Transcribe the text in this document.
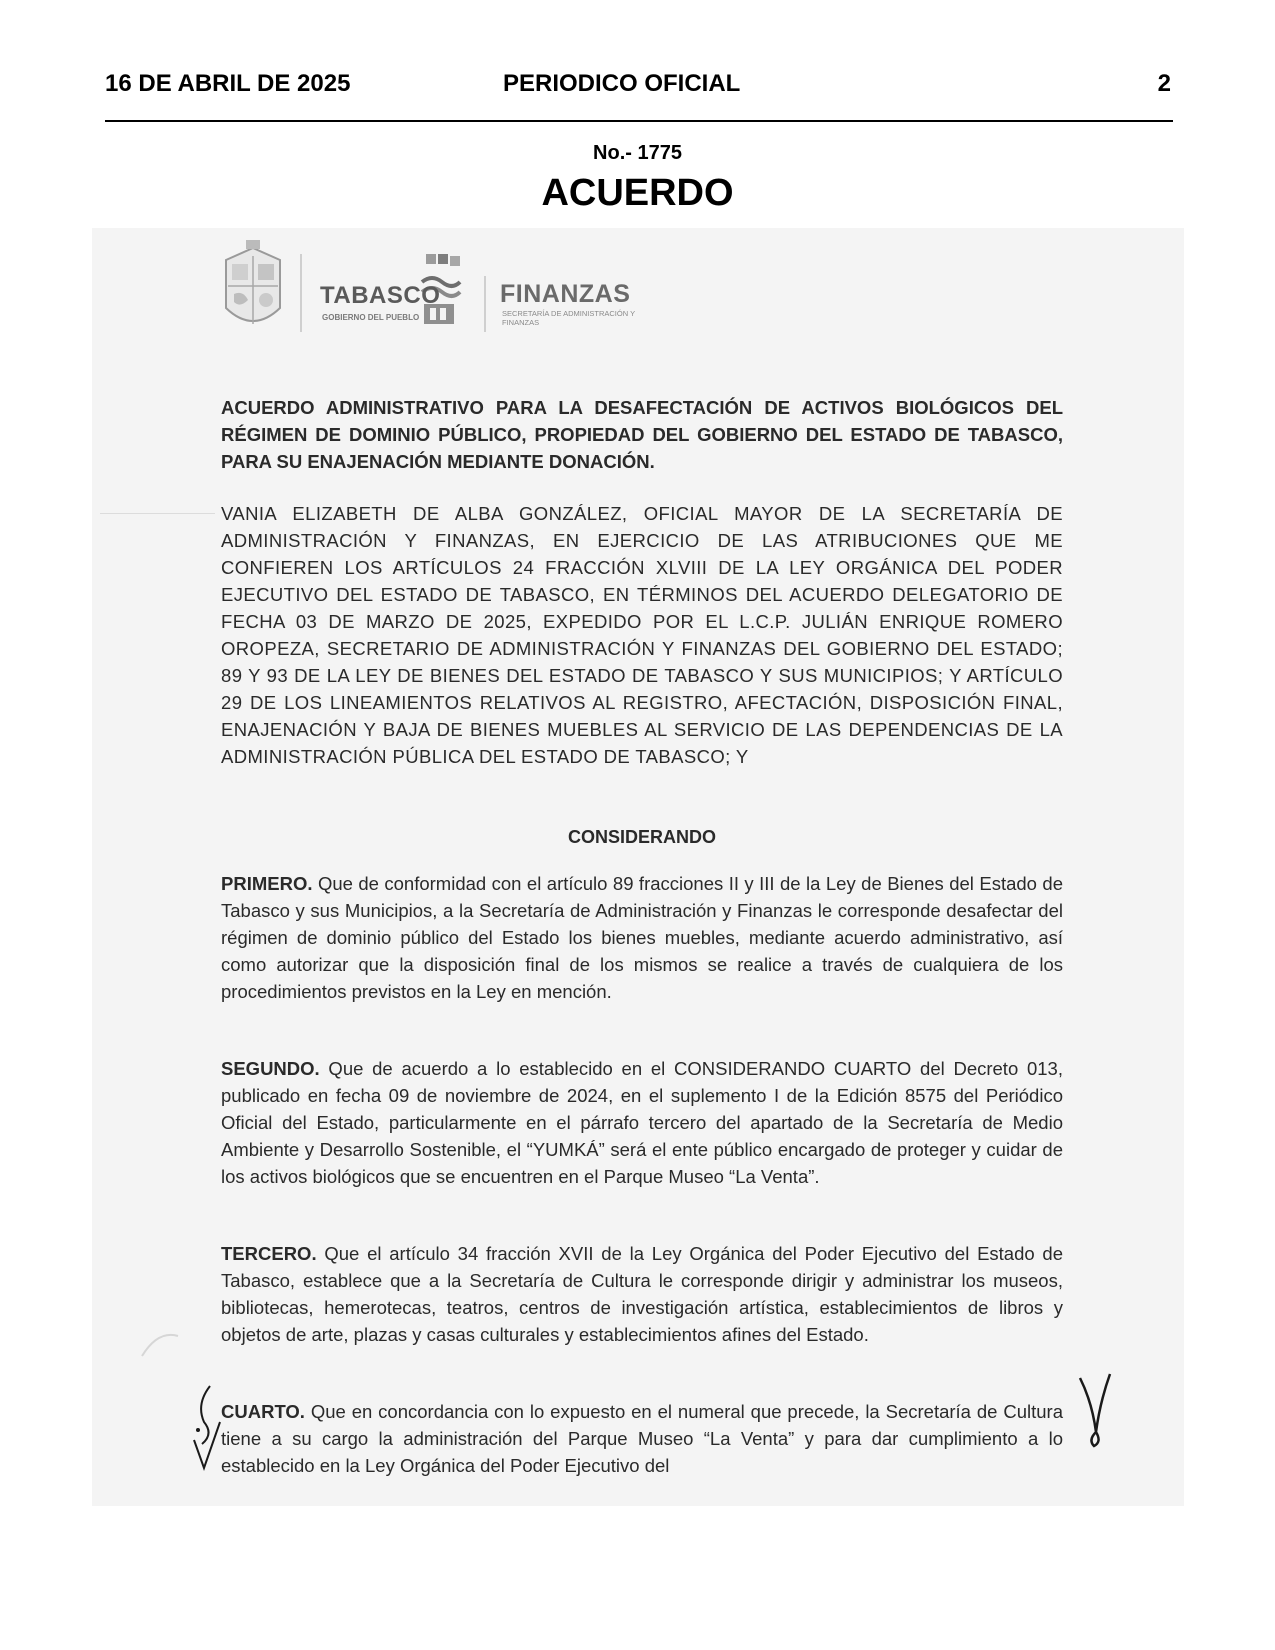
16 DE ABRIL DE 2025	PERIODICO OFICIAL	2
No.- 1775
ACUERDO
TABASCO
GOBIERNO DEL PUEBLO
FINANZAS
SECRETARÍA DE ADMINISTRACIÓN Y FINANZAS

ACUERDO ADMINISTRATIVO PARA LA DESAFECTACIÓN DE ACTIVOS BIOLÓGICOS DEL RÉGIMEN DE DOMINIO PÚBLICO, PROPIEDAD DEL GOBIERNO DEL ESTADO DE TABASCO, PARA SU ENAJENACIÓN MEDIANTE DONACIÓN.

VANIA ELIZABETH DE ALBA GONZÁLEZ, OFICIAL MAYOR DE LA SECRETARÍA DE ADMINISTRACIÓN Y FINANZAS, EN EJERCICIO DE LAS ATRIBUCIONES QUE ME CONFIEREN LOS ARTÍCULOS 24 FRACCIÓN XLVIII DE LA LEY ORGÁNICA DEL PODER EJECUTIVO DEL ESTADO DE TABASCO, EN TÉRMINOS DEL ACUERDO DELEGATORIO DE FECHA 03 DE MARZO DE 2025, EXPEDIDO POR EL L.C.P. JULIÁN ENRIQUE ROMERO OROPEZA, SECRETARIO DE ADMINISTRACIÓN Y FINANZAS DEL GOBIERNO DEL ESTADO; 89 Y 93 DE LA LEY DE BIENES DEL ESTADO DE TABASCO Y SUS MUNICIPIOS; Y ARTÍCULO 29 DE LOS LINEAMIENTOS RELATIVOS AL REGISTRO, AFECTACIÓN, DISPOSICIÓN FINAL, ENAJENACIÓN Y BAJA DE BIENES MUEBLES AL SERVICIO DE LAS DEPENDENCIAS DE LA ADMINISTRACIÓN PÚBLICA DEL ESTADO DE TABASCO; Y

CONSIDERANDO

PRIMERO. Que de conformidad con el artículo 89 fracciones II y III de la Ley de Bienes del Estado de Tabasco y sus Municipios, a la Secretaría de Administración y Finanzas le corresponde desafectar del régimen de dominio público del Estado los bienes muebles, mediante acuerdo administrativo, así como autorizar que la disposición final de los mismos se realice a través de cualquiera de los procedimientos previstos en la Ley en mención.

SEGUNDO. Que de acuerdo a lo establecido en el CONSIDERANDO CUARTO del Decreto 013, publicado en fecha 09 de noviembre de 2024, en el suplemento I de la Edición 8575 del Periódico Oficial del Estado, particularmente en el párrafo tercero del apartado de la Secretaría de Medio Ambiente y Desarrollo Sostenible, el “YUMKÁ” será el ente público encargado de proteger y cuidar de los activos biológicos que se encuentren en el Parque Museo “La Venta”.

TERCERO. Que el artículo 34 fracción XVII de la Ley Orgánica del Poder Ejecutivo del Estado de Tabasco, establece que a la Secretaría de Cultura le corresponde dirigir y administrar los museos, bibliotecas, hemerotecas, teatros, centros de investigación artística, establecimientos de libros y objetos de arte, plazas y casas culturales y establecimientos afines del Estado.

CUARTO. Que en concordancia con lo expuesto en el numeral que precede, la Secretaría de Cultura tiene a su cargo la administración del Parque Museo “La Venta” y para dar cumplimiento a lo establecido en la Ley Orgánica del Poder Ejecutivo del
